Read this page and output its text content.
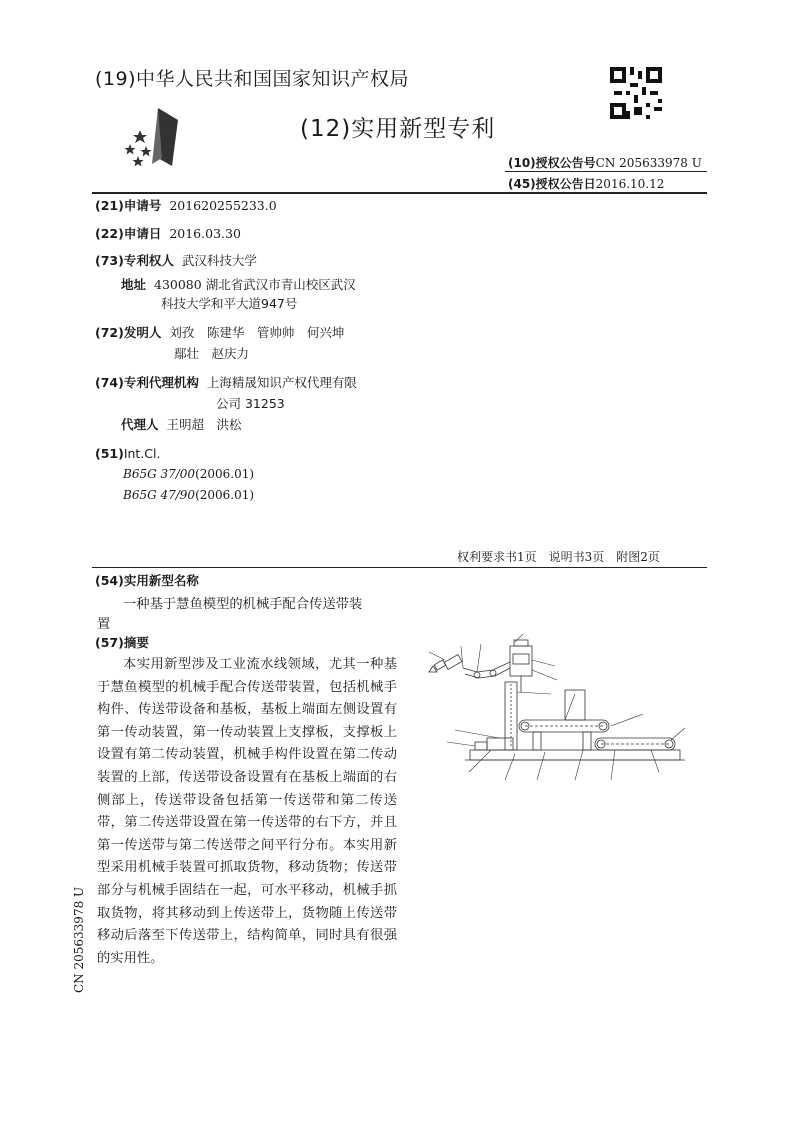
(19)中华人民共和国国家知识产权局
(12)实用新型专利
(10)授权公告号CN 205633978 U
(45)授权公告日2016.10.12
(21)申请号 201620255233.0
(22)申请日 2016.03.30
(73)专利权人 武汉科技大学
地址 430080 湖北省武汉市青山校区武汉
科技大学和平大道947号
(72)发明人 刘孜　陈建华　管帅帅　何兴坤
鄢壮　赵庆力
(74)专利代理机构 上海精晟知识产权代理有限
公司 31253
代理人 王明超　洪松
(51)Int.Cl.
B65G 37/00(2006.01)
B65G 47/90(2006.01)
权利要求书1页　说明书3页　附图2页
(54)实用新型名称
一种基于慧鱼模型的机械手配合传送带装
置
(57)摘要
本实用新型涉及工业流水线领域，尤其一种基于慧鱼模型的机械手配合传送带装置，包括机械手构件、传送带设备和基板，基板上端面左侧设置有第一传动装置，第一传动装置上支撑板，支撑板上设置有第二传动装置，机械手构件设置在第二传动装置的上部，传送带设备设置有在基板上端面的右侧部上，传送带设备包括第一传送带和第二传送带，第二传送带设置在第一传送带的右下方，并且第一传送带与第二传送带之间平行分布。本实用新型采用机械手装置可抓取货物，移动货物；传送带部分与机械手固结在一起，可水平移动，机械手抓取货物，将其移动到上传送带上，货物随上传送带移动后落至下传送带上，结构简单，同时具有很强的实用性。
CN 205633978 U
